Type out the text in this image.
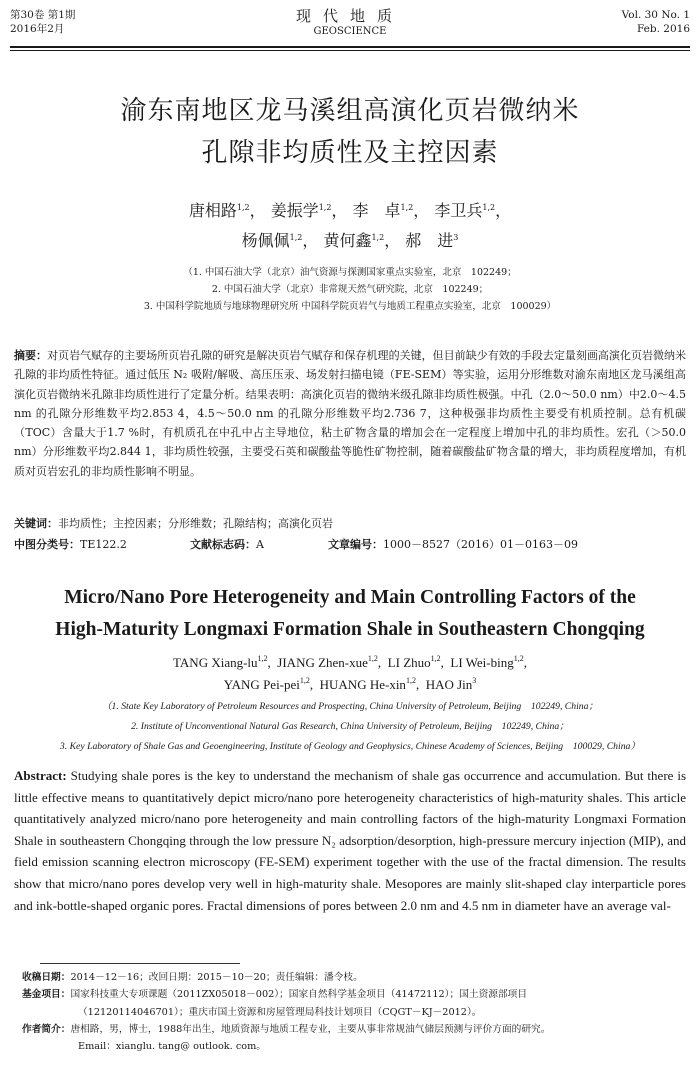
第30卷 第1期
2016年2月
现代地质
GEOSCIENCE
Vol. 30 No. 1
Feb. 2016
渝东南地区龙马溪组高演化页岩微纳米
孔隙非均质性及主控因素
唐相路$^{1,2}$， 姜振学$^{1,2}$， 李　卓$^{1,2}$， 李卫兵$^{1,2}$，
杨佩佩$^{1,2}$， 黄何鑫$^{1,2}$， 郝　进$^3$
（1. 中国石油大学（北京）油气资源与探测国家重点实验室，北京　102249；
2. 中国石油大学（北京）非常规天然气研究院，北京　102249；
3. 中国科学院地质与地球物理研究所 中国科学院页岩气与地质工程重点实验室，北京　100029）
摘要：对页岩气赋存的主要场所页岩孔隙的研究是解决页岩气赋存和保存机理的关键，但目前缺少有效的手段去定量刻画高演化页岩微纳米孔隙的非均质性特征。通过低压 N₂ 吸附/解吸、高压压汞、场发射扫描电镜（FE-SEM）等实验，运用分形维数对渝东南地区龙马溪组高演化页岩微纳米孔隙非均质性进行了定量分析。结果表明：高演化页岩的微纳米级孔隙非均质性极强。中孔（2.0～50.0 nm）中2.0～4.5 nm 的孔隙分形维数平均2.853 4，4.5～50.0 nm 的孔隙分形维数平均2.736 7，这种极强非均质性主要受有机质控制。总有机碳（TOC）含量大于1.7 %时，有机质孔在中孔中占主导地位，粘土矿物含量的增加会在一定程度上增加中孔的非均质性。宏孔（＞50.0 nm）分形维数平均2.844 1，非均质性较强，主要受石英和碳酸盐等脆性矿物控制，随着碳酸盐矿物含量的增大，非均质程度增加，有机质对页岩宏孔的非均质性影响不明显。
关键词：非均质性；主控因素；分形维数；孔隙结构；高演化页岩
中图分类号：TE122.2	文献标志码：A	文章编号：1000－8527（2016）01－0163－09
Micro/Nano Pore Heterogeneity and Main Controlling Factors of the
High-Maturity Longmaxi Formation Shale in Southeastern Chongqing
TANG Xiang-lu$^{1,2}$,  JIANG Zhen-xue$^{1,2}$,  LI Zhuo$^{1,2}$,  LI Wei-bing$^{1,2}$,
YANG Pei-pei$^{1,2}$,  HUANG He-xin$^{1,2}$,  HAO Jin$^3$
（1. State Key Laboratory of Petroleum Resources and Prospecting, China University of Petroleum, Beijing　102249, China；
2. Institute of Unconventional Natural Gas Research, China University of Petroleum, Beijing　102249, China；
3. Key Laboratory of Shale Gas and Geoengineering, Institute of Geology and Geophysics, Chinese Academy of Sciences, Beijing　100029, China）
Abstract: Studying shale pores is the key to understand the mechanism of shale gas occurrence and accumulation. But there is little effective means to quantitatively depict micro/nano pore heterogeneity characteristics of high-maturity shales. This article quantitatively analyzed micro/nano pore heterogeneity and main controlling factors of the high-maturity Longmaxi Formation Shale in southeastern Chongqing through the low pressure N₂ adsorption/desorption, high-pressure mercury injection (MIP), and field emission scanning electron microscopy (FE-SEM) experiment together with the use of the fractal dimension. The results show that micro/nano pores develop very well in high-maturity shale. Mesopores are mainly slit-shaped clay interparticle pores and ink-bottle-shaped organic pores. Fractal dimensions of pores between 2.0 nm and 4.5 nm in diameter have an average val-
收稿日期： 2014－12－16；改回日期：2015－10－20；责任编辑：潘令枝。
基金项目： 国家科技重大专项课题（2011ZX05018－002）；国家自然科学基金项目（41472112）；国土资源部项目
（12120114046701）；重庆市国土资源和房屋管理局科技计划项目（CQGT－KJ－2012）。
作者简介： 唐相路，男，博士，1988年出生，地质资源与地质工程专业，主要从事非常规油气储层预测与评价方面的研究。
Email：xianglu. tang@ outlook. com。
